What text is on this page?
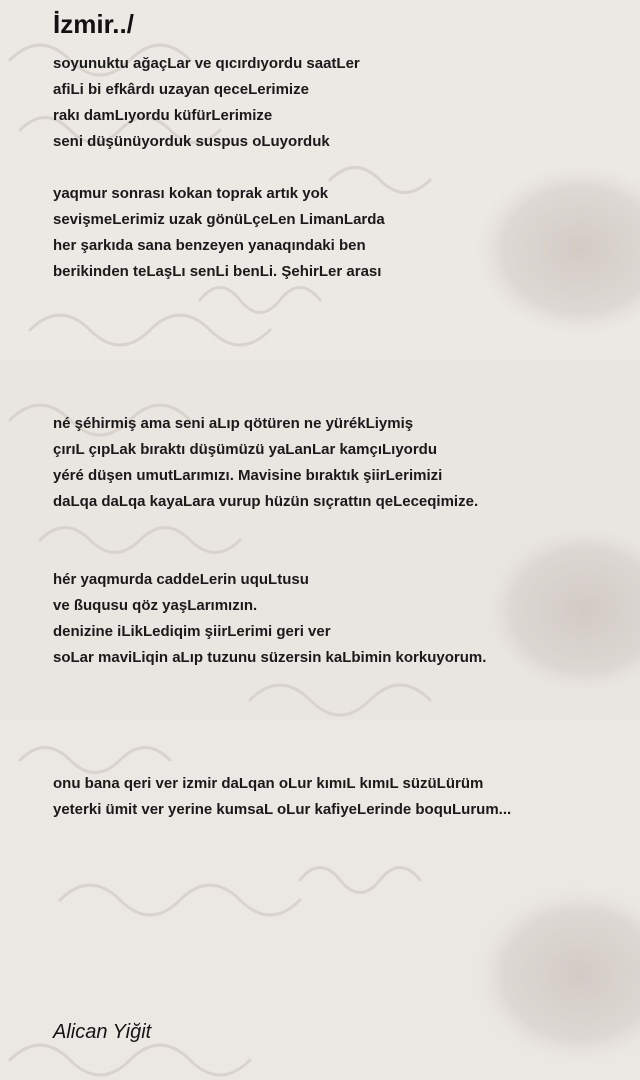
İzmir../
soyunuktu ağaçLar ve qıcırdıyordu saatLer
afiLi bi efkârdı uzayan qeceLerimize
rakı damLıyordu küfürLerimize
seni düşünüyorduk suspus oLuyorduk
yaqmur sonrası kokan toprak artık yok
sevişmeLerimiz uzak gönüLçeLen LimanLarda
her şarkıda sana benzeyen yanaqındaki ben
berikinden teLaşLı senLi benLi. ŞehirLer arası
né şéhirmiş ama seni aLıp qötüren ne yürékLiymiş
çırıL çıpLak bıraktı düşümüzü yaLanLar kamçıLıyordu
yéré düşen umutLarımızı. Mavisine bıraktık şiirLerimizi
daLqa daLqa kayaLara vurup hüzün sıçrattın qeLeceqimize.
hér yaqmurda caddeLerin uquLtusu
ve ßuqusu qöz yaşLarımızın.
denizine iLikLediqim şiirLerimi geri ver
soLar maviLiqin aLıp tuzunu süzersin kaLbimin korkuyorum.
onu bana qeri ver izmir daLqan oLur kımıL kımıL süzüLürüm
yeterki ümit ver yerine kumsaL oLur kafiyeLerinde boquLurum...
Alican Yiğit
